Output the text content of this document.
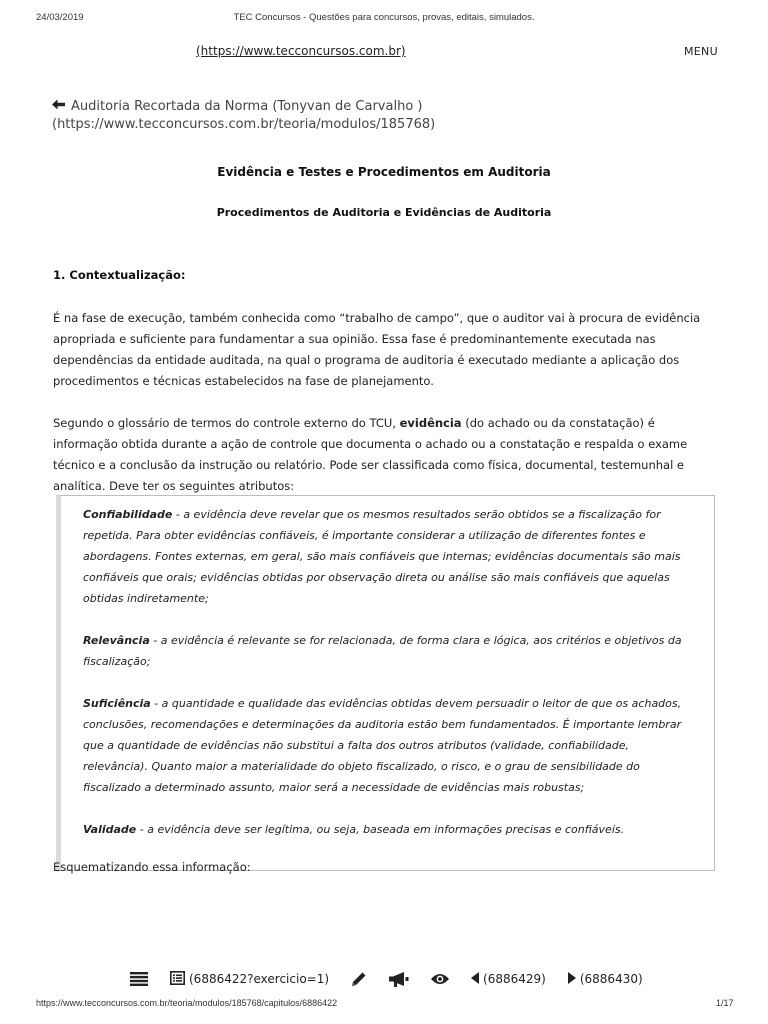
24/03/2019	TEC Concursos - Questões para concursos, provas, editais, simulados.
(https://www.tecconcursos.com.br)	MENU
Auditoria Recortada da Norma (Tonyvan de Carvalho )
(https://www.tecconcursos.com.br/teoria/modulos/185768)
Evidência e Testes e Procedimentos em Auditoria
Procedimentos de Auditoria e Evidências de Auditoria
1. Contextualização:

É na fase de execução, também conhecida como “trabalho de campo”, que o auditor vai à procura de evidência apropriada e suficiente para fundamentar a sua opinião. Essa fase é predominantemente executada nas dependências da entidade auditada, na qual o programa de auditoria é executado mediante a aplicação dos procedimentos e técnicas estabelecidos na fase de planejamento.

Segundo o glossário de termos do controle externo do TCU, evidência (do achado ou da constatação) é informação obtida durante a ação de controle que documenta o achado ou a constatação e respalda o exame técnico e a conclusão da instrução ou relatório. Pode ser classificada como física, documental, testemunhal e analítica. Deve ter os seguintes atributos:

Confiabilidade - a evidência deve revelar que os mesmos resultados serão obtidos se a fiscalização for repetida. Para obter evidências confiáveis, é importante considerar a utilização de diferentes fontes e abordagens. Fontes externas, em geral, são mais confiáveis que internas; evidências documentais são mais confiáveis que orais; evidências obtidas por observação direta ou análise são mais confiáveis que aquelas obtidas indiretamente;

Relevância - a evidência é relevante se for relacionada, de forma clara e lógica, aos critérios e objetivos da fiscalização;

Suficiência - a quantidade e qualidade das evidências obtidas devem persuadir o leitor de que os achados, conclusões, recomendações e determinações da auditoria estão bem fundamentados. É importante lembrar que a quantidade de evidências não substitui a falta dos outros atributos (validade, confiabilidade, relevância). Quanto maior a materialidade do objeto fiscalizado, o risco, e o grau de sensibilidade do fiscalizado a determinado assunto, maior será a necessidade de evidências mais robustas;

Validade - a evidência deve ser legítima, ou seja, baseada em informações precisas e confiáveis.

Esquematizando essa informação:
(6886422?exercicio=1)	(6886429)	(6886430)
https://www.tecconcursos.com.br/teoria/modulos/185768/capitulos/6886422	1/17
